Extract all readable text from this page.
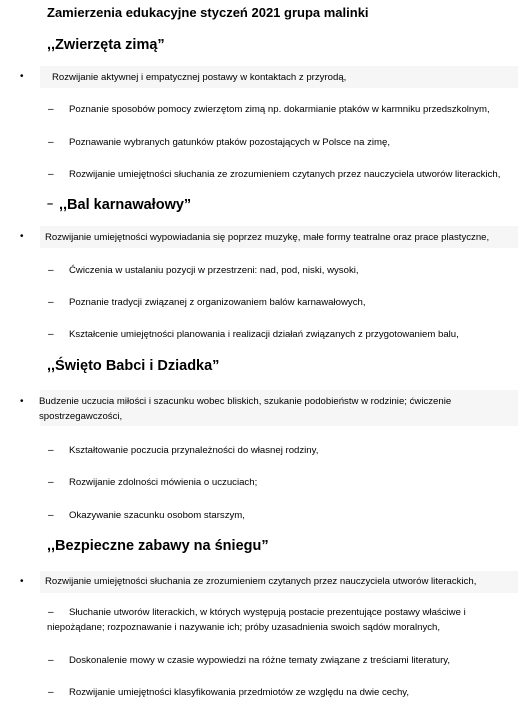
Zamierzenia edukacyjne styczeń 2021 grupa malinki
,,Zwierzęta zimą”
•	Rozwijanie aktywnej i empatycznej postawy w kontaktach z przyrodą,
– Poznanie sposobów pomocy zwierzętom zimą np. dokarmianie ptaków w karmniku przedszkolnym,
– Poznawanie wybranych gatunków ptaków pozostających w Polsce na zimę,
– Rozwijanie umiejętności słuchania ze zrozumieniem czytanych przez nauczyciela utworów literackich,
– ,,Bal karnawałowy”
• Rozwijanie umiejętności wypowiadania się poprzez muzykę, małe formy teatralne oraz prace plastyczne,
– Ćwiczenia w ustalaniu pozycji w przestrzeni: nad, pod, niski, wysoki,
– Poznanie tradycji związanej z organizowaniem balów karnawałowych,
– Kształcenie umiejętności planowania i realizacji działań związanych z przygotowaniem balu,
,,Święto Babci i Dziadka”
• Budzenie uczucia miłości i szacunku wobec bliskich, szukanie podobieństw w rodzinie; ćwiczenie
spostrzegawczości,
– Kształtowanie poczucia przynależności do własnej rodziny,
– Rozwijanie zdolności mówienia o uczuciach;
– Okazywanie szacunku osobom starszym,
,,Bezpieczne zabawy na śniegu”
• Rozwijanie umiejętności słuchania ze zrozumieniem czytanych przez nauczyciela utworów literackich,
– Słuchanie utworów literackich, w których występują postacie prezentujące postawy właściwe i
niepożądane; rozpoznawanie i nazywanie ich; próby uzasadnienia swoich sądów moralnych,
– Doskonalenie mowy w czasie wypowiedzi na różne tematy związane z treściami literatury,
– Rozwijanie umiejętności klasyfikowania przedmiotów ze względu na dwie cechy,
